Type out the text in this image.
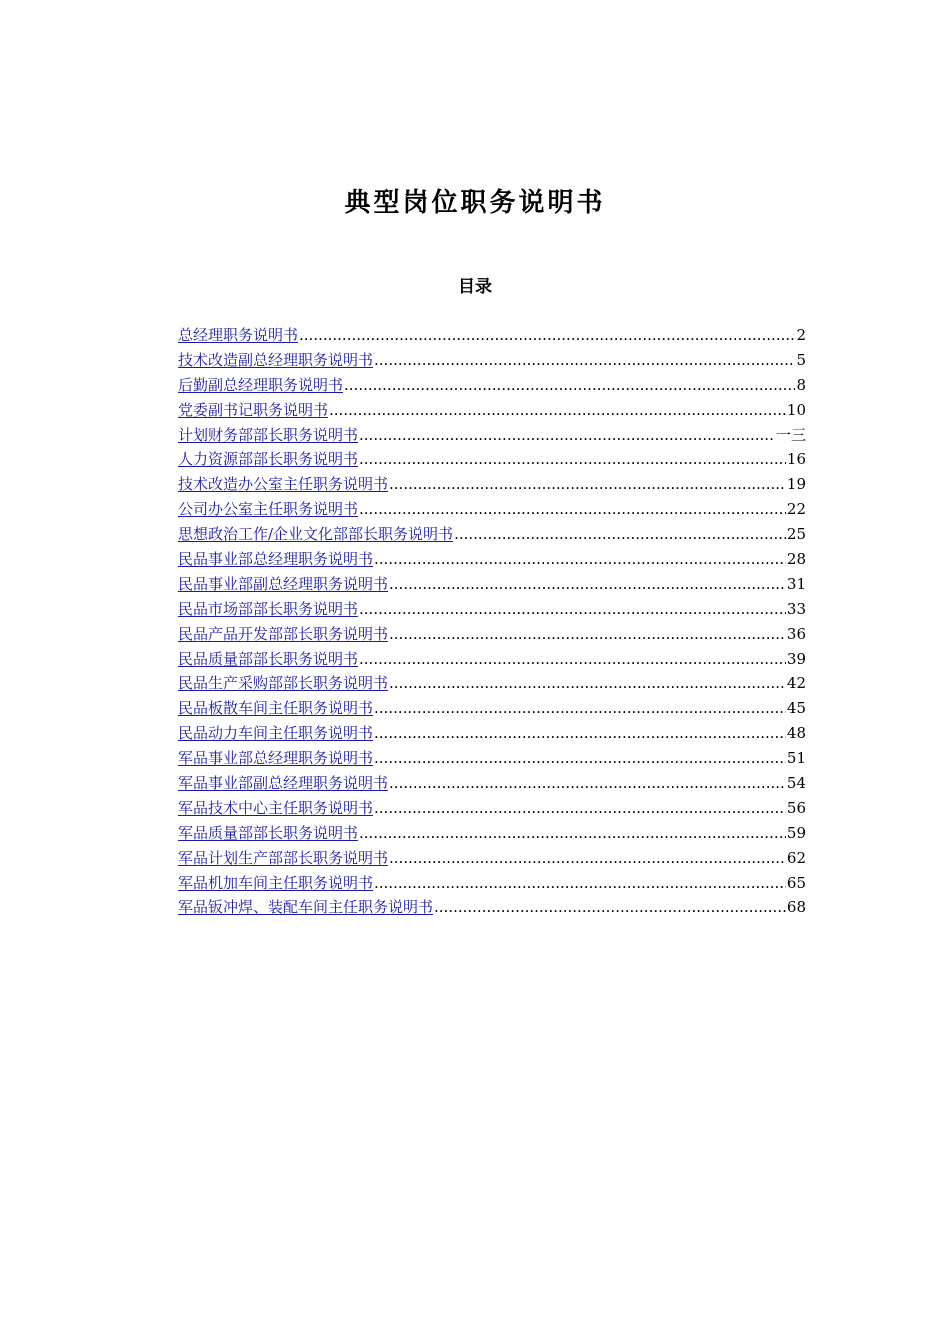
典型岗位职务说明书
目录
总经理职务说明书 .....	2
技术改造副总经理职务说明书 .....	5
后勤副总经理职务说明书 .....	8
党委副书记职务说明书 .....	10
计划财务部部长职务说明书 .....	一三
人力资源部部长职务说明书 .....	16
技术改造办公室主任职务说明书 .....	19
公司办公室主任职务说明书 .....	22
思想政治工作/企业文化部部长职务说明书 .....	25
民品事业部总经理职务说明书 .....	28
民品事业部副总经理职务说明书 .....	31
民品市场部部长职务说明书 .....	33
民品产品开发部部长职务说明书 .....	36
民品质量部部长职务说明书 .....	39
民品生产采购部部长职务说明书 .....	42
民品板散车间主任职务说明书 .....	45
民品动力车间主任职务说明书 .....	48
军品事业部总经理职务说明书 .....	51
军品事业部副总经理职务说明书 .....	54
军品技术中心主任职务说明书 .....	56
军品质量部部长职务说明书 .....	59
军品计划生产部部长职务说明书 .....	62
军品机加车间主任职务说明书 .....	65
军品钣冲焊、装配车间主任职务说明书 .....	68
